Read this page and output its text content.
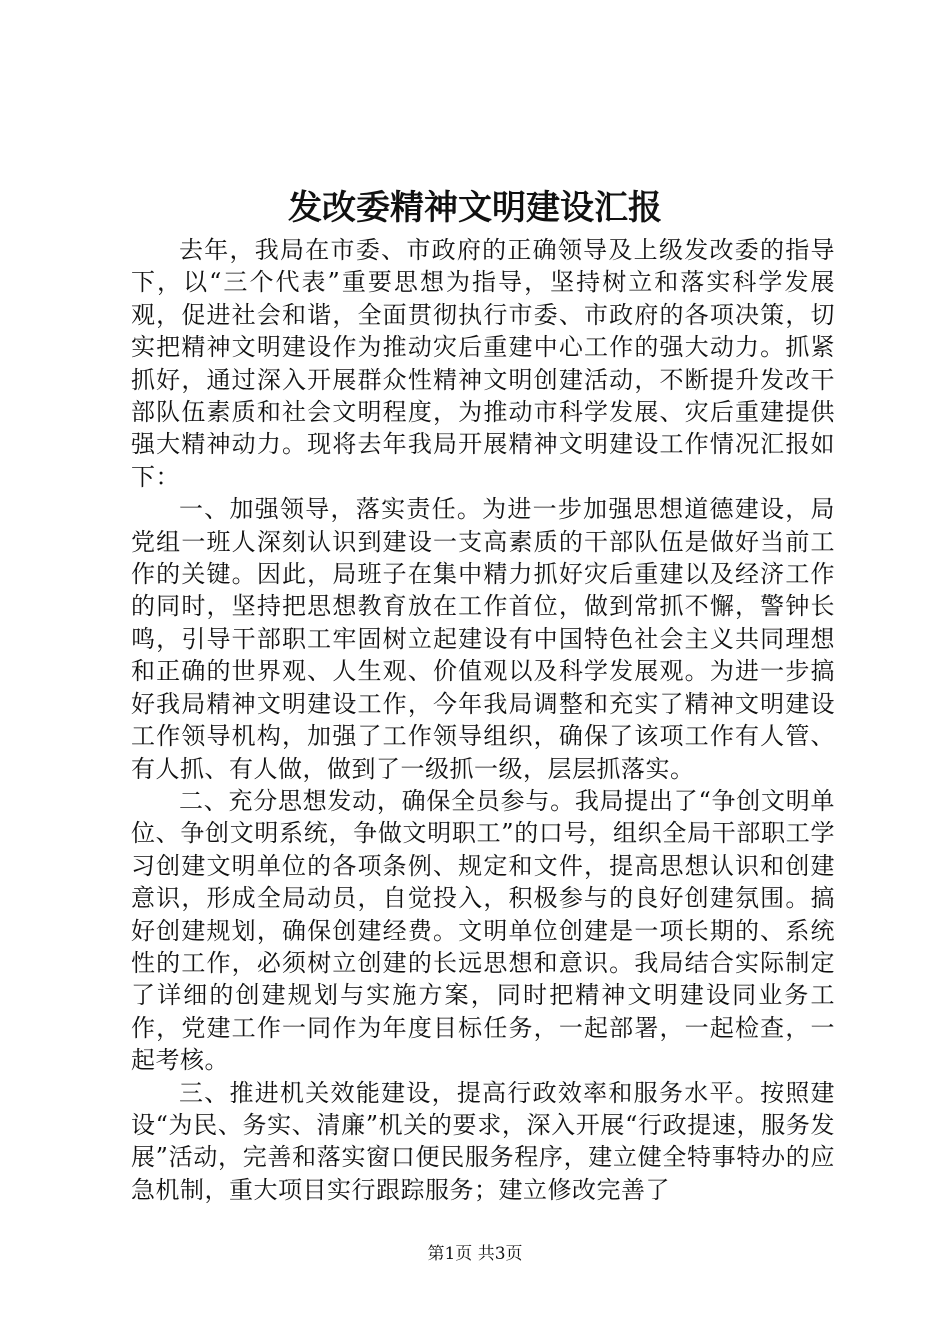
发改委精神文明建设汇报

去年，我局在市委、市政府的正确领导及上级发改委的指导下，以“三个代表”重要思想为指导，坚持树立和落实科学发展观，促进社会和谐，全面贯彻执行市委、市政府的各项决策，切实把精神文明建设作为推动灾后重建中心工作的强大动力。抓紧抓好，通过深入开展群众性精神文明创建活动，不断提升发改干部队伍素质和社会文明程度，为推动市科学发展、灾后重建提供强大精神动力。现将去年我局开展精神文明建设工作情况汇报如下：

一、加强领导，落实责任。为进一步加强思想道德建设，局党组一班人深刻认识到建设一支高素质的干部队伍是做好当前工作的关键。因此，局班子在集中精力抓好灾后重建以及经济工作的同时，坚持把思想教育放在工作首位，做到常抓不懈，警钟长鸣，引导干部职工牢固树立起建设有中国特色社会主义共同理想和正确的世界观、人生观、价值观以及科学发展观。为进一步搞好我局精神文明建设工作，今年我局调整和充实了精神文明建设工作领导机构，加强了工作领导组织，确保了该项工作有人管、有人抓、有人做，做到了一级抓一级，层层抓落实。

二、充分思想发动，确保全员参与。我局提出了“争创文明单位、争创文明系统，争做文明职工”的口号，组织全局干部职工学习创建文明单位的各项条例、规定和文件，提高思想认识和创建意识，形成全局动员，自觉投入，积极参与的良好创建氛围。搞好创建规划，确保创建经费。文明单位创建是一项长期的、系统性的工作，必须树立创建的长远思想和意识。我局结合实际制定了详细的创建规划与实施方案，同时把精神文明建设同业务工作，党建工作一同作为年度目标任务，一起部署，一起检查，一起考核。

三、推进机关效能建设，提高行政效率和服务水平。按照建设“为民、务实、清廉”机关的要求，深入开展“行政提速，服务发展”活动，完善和落实窗口便民服务程序，建立健全特事特办的应急机制，重大项目实行跟踪服务；建立修改完善了

第1页 共3页
